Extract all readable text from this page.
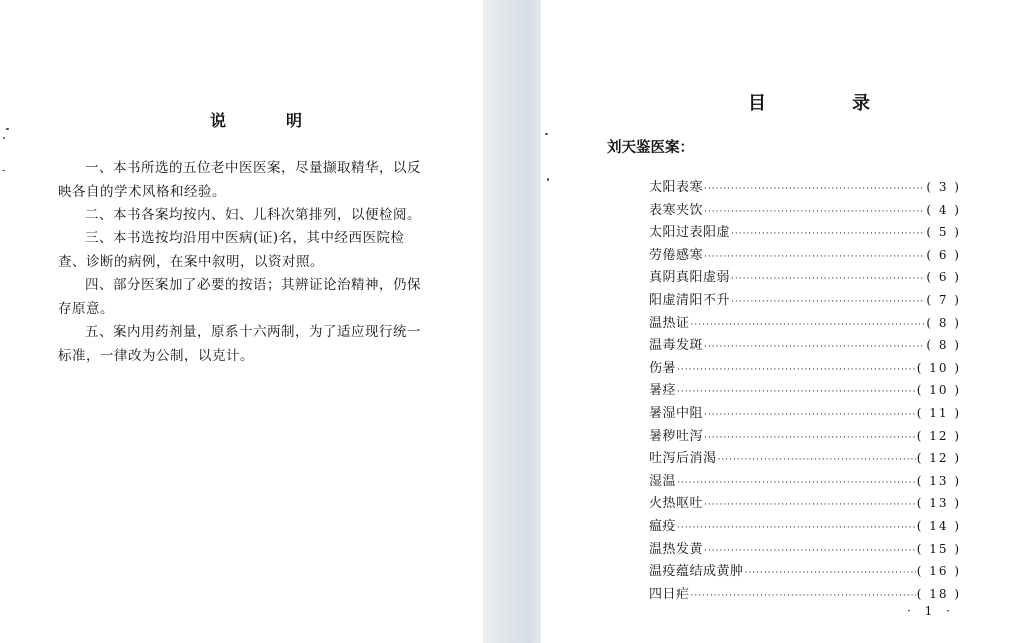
说　明
一、本书所选的五位老中医医案，尽量撷取精华，以反映各自的学术风格和经验。
二、本书各案均按内、妇、儿科次第排列，以便检阅。
三、本书选按均沿用中医病(证)名，其中经西医院检查、诊断的病例，在案中叙明，以资对照。
四、部分医案加了必要的按语；其辨证论治精神，仍保存原意。
五、案内用药剂量，原系十六两制，为了适应现行统一标准，一律改为公制，以克计。
目　录
刘天鉴医案：
太阳表寒 ·····	( 3 )
表寒夹饮 ·····	( 4 )
太阳过表阳虚 ·····	( 5 )
劳倦感寒 ·····	( 6 )
真阴真阳虚弱 ·····	( 6 )
阳虚清阳不升 ·····	( 7 )
温热证 ·····	( 8 )
温毒发斑 ·····	( 8 )
伤暑 ·····	( 10 )
暑痉 ·····	( 10 )
暑湿中阻 ·····	( 11 )
暑秽吐泻 ·····	( 12 )
吐泻后消渴 ·····	( 12 )
湿温 ·····	( 13 )
火热呕吐 ·····	( 13 )
瘟疫 ·····	( 14 )
温热发黄 ·····	( 15 )
温疫蕴结成黄肿 ·····	( 16 )
四日疟 ·····	( 18 )
· 1 ·
